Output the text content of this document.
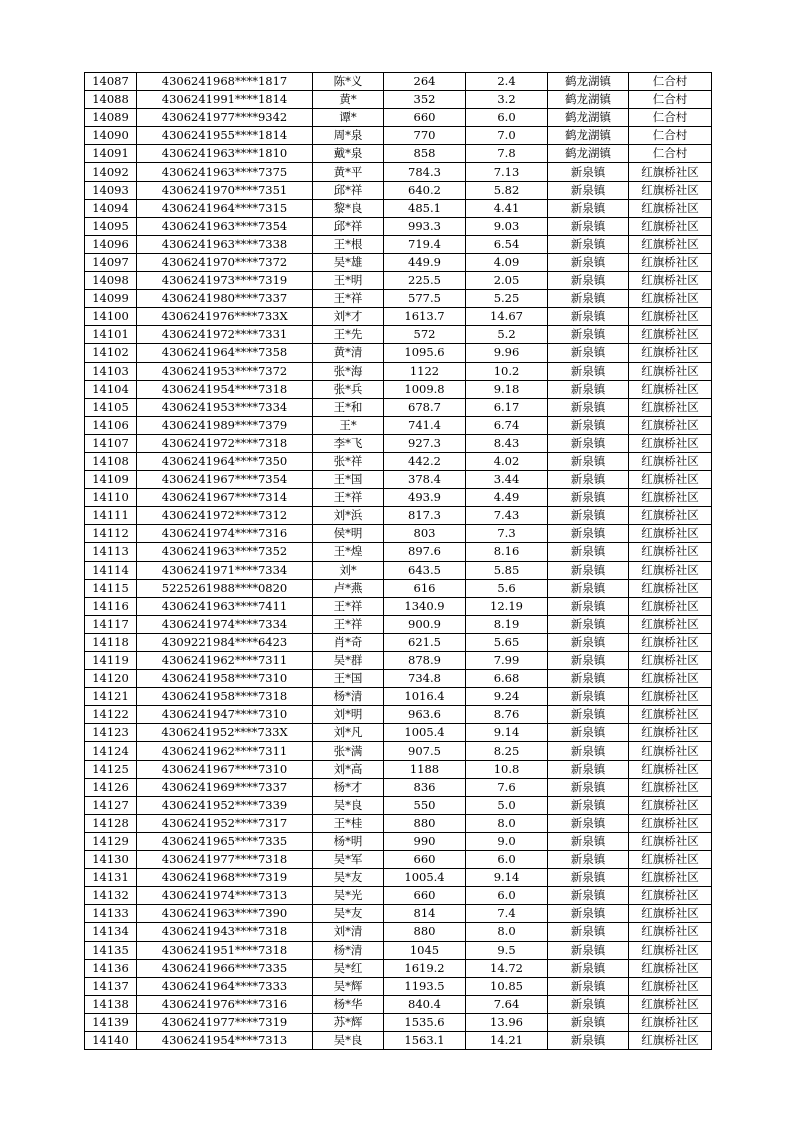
14087	4306241968****1817	陈*义	264	2.4	鹤龙湖镇	仁合村
14088	4306241991****1814	黄*	352	3.2	鹤龙湖镇	仁合村
14089	4306241977****9342	谭*	660	6.0	鹤龙湖镇	仁合村
14090	4306241955****1814	周*泉	770	7.0	鹤龙湖镇	仁合村
14091	4306241963****1810	戴*泉	858	7.8	鹤龙湖镇	仁合村
14092	4306241963****7375	黄*平	784.3	7.13	新泉镇	红旗桥社区
14093	4306241970****7351	邱*祥	640.2	5.82	新泉镇	红旗桥社区
14094	4306241964****7315	黎*良	485.1	4.41	新泉镇	红旗桥社区
14095	4306241963****7354	邱*祥	993.3	9.03	新泉镇	红旗桥社区
14096	4306241963****7338	王*根	719.4	6.54	新泉镇	红旗桥社区
14097	4306241970****7372	吴*雄	449.9	4.09	新泉镇	红旗桥社区
14098	4306241973****7319	王*明	225.5	2.05	新泉镇	红旗桥社区
14099	4306241980****7337	王*祥	577.5	5.25	新泉镇	红旗桥社区
14100	4306241976****733X	刘*才	1613.7	14.67	新泉镇	红旗桥社区
14101	4306241972****7331	王*先	572	5.2	新泉镇	红旗桥社区
14102	4306241964****7358	黄*清	1095.6	9.96	新泉镇	红旗桥社区
14103	4306241953****7372	张*海	1122	10.2	新泉镇	红旗桥社区
14104	4306241954****7318	张*兵	1009.8	9.18	新泉镇	红旗桥社区
14105	4306241953****7334	王*和	678.7	6.17	新泉镇	红旗桥社区
14106	4306241989****7379	王*	741.4	6.74	新泉镇	红旗桥社区
14107	4306241972****7318	李*飞	927.3	8.43	新泉镇	红旗桥社区
14108	4306241964****7350	张*祥	442.2	4.02	新泉镇	红旗桥社区
14109	4306241967****7354	王*国	378.4	3.44	新泉镇	红旗桥社区
14110	4306241967****7314	王*祥	493.9	4.49	新泉镇	红旗桥社区
14111	4306241972****7312	刘*浜	817.3	7.43	新泉镇	红旗桥社区
14112	4306241974****7316	侯*明	803	7.3	新泉镇	红旗桥社区
14113	4306241963****7352	王*煌	897.6	8.16	新泉镇	红旗桥社区
14114	4306241971****7334	刘*	643.5	5.85	新泉镇	红旗桥社区
14115	5225261988****0820	卢*燕	616	5.6	新泉镇	红旗桥社区
14116	4306241963****7411	王*祥	1340.9	12.19	新泉镇	红旗桥社区
14117	4306241974****7334	王*祥	900.9	8.19	新泉镇	红旗桥社区
14118	4309221984****6423	肖*奇	621.5	5.65	新泉镇	红旗桥社区
14119	4306241962****7311	吴*群	878.9	7.99	新泉镇	红旗桥社区
14120	4306241958****7310	王*国	734.8	6.68	新泉镇	红旗桥社区
14121	4306241958****7318	杨*清	1016.4	9.24	新泉镇	红旗桥社区
14122	4306241947****7310	刘*明	963.6	8.76	新泉镇	红旗桥社区
14123	4306241952****733X	刘*凡	1005.4	9.14	新泉镇	红旗桥社区
14124	4306241962****7311	张*满	907.5	8.25	新泉镇	红旗桥社区
14125	4306241967****7310	刘*高	1188	10.8	新泉镇	红旗桥社区
14126	4306241969****7337	杨*才	836	7.6	新泉镇	红旗桥社区
14127	4306241952****7339	吴*良	550	5.0	新泉镇	红旗桥社区
14128	4306241952****7317	王*桂	880	8.0	新泉镇	红旗桥社区
14129	4306241965****7335	杨*明	990	9.0	新泉镇	红旗桥社区
14130	4306241977****7318	吴*军	660	6.0	新泉镇	红旗桥社区
14131	4306241968****7319	吴*友	1005.4	9.14	新泉镇	红旗桥社区
14132	4306241974****7313	吴*光	660	6.0	新泉镇	红旗桥社区
14133	4306241963****7390	吴*友	814	7.4	新泉镇	红旗桥社区
14134	4306241943****7318	刘*清	880	8.0	新泉镇	红旗桥社区
14135	4306241951****7318	杨*清	1045	9.5	新泉镇	红旗桥社区
14136	4306241966****7335	吴*红	1619.2	14.72	新泉镇	红旗桥社区
14137	4306241964****7333	吴*辉	1193.5	10.85	新泉镇	红旗桥社区
14138	4306241976****7316	杨*华	840.4	7.64	新泉镇	红旗桥社区
14139	4306241977****7319	苏*辉	1535.6	13.96	新泉镇	红旗桥社区
14140	4306241954****7313	吴*良	1563.1	14.21	新泉镇	红旗桥社区
